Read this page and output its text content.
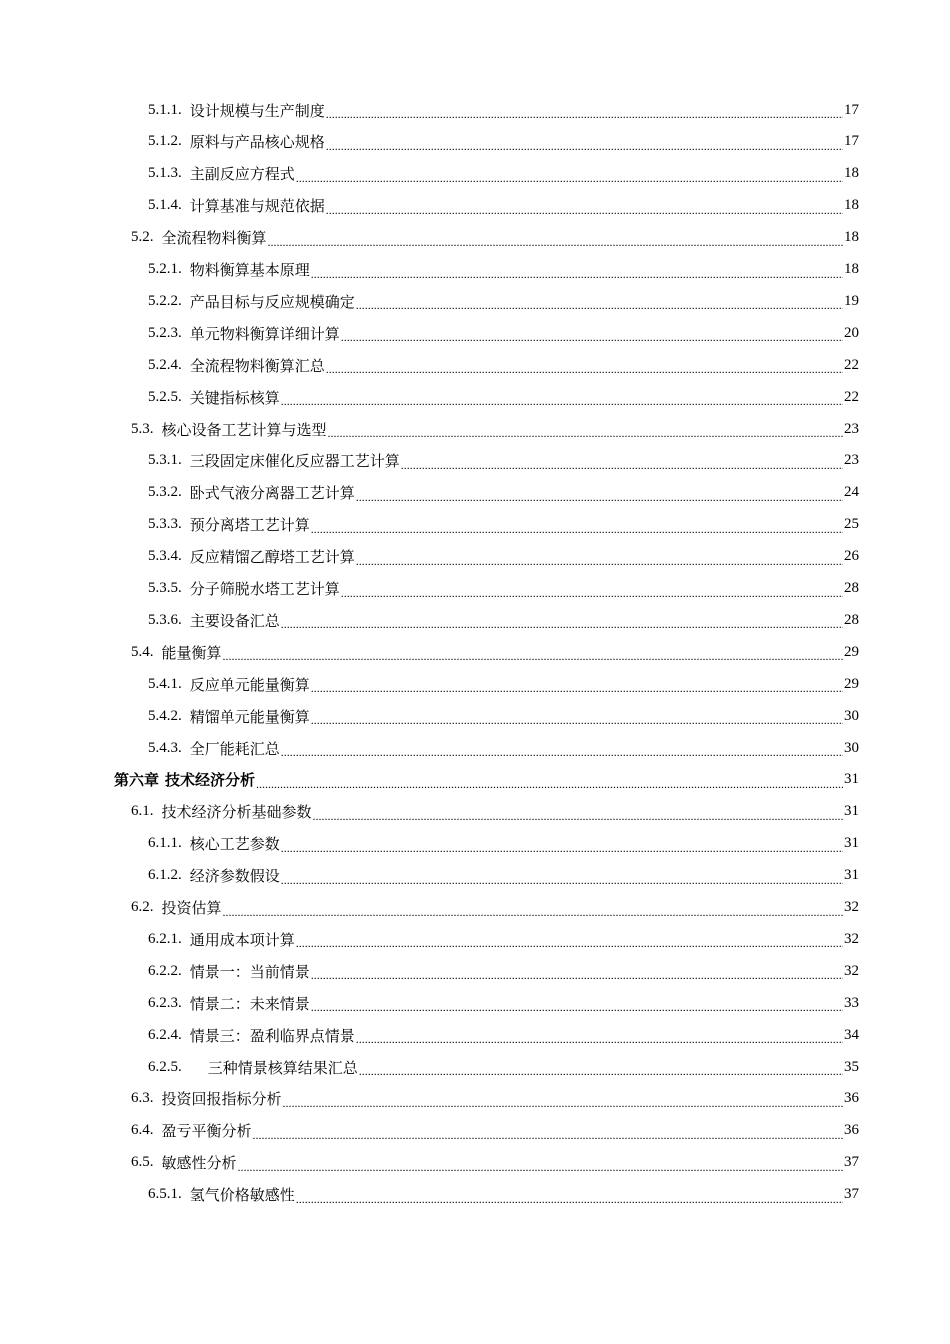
5.1.1. 设计规模与生产制度 .....	17
5.1.2. 原料与产品核心规格 .....	17
5.1.3. 主副反应方程式 .....	18
5.1.4. 计算基准与规范依据 .....	18
5.2. 全流程物料衡算 .....	18
5.2.1. 物料衡算基本原理 .....	18
5.2.2. 产品目标与反应规模确定 .....	19
5.2.3. 单元物料衡算详细计算 .....	20
5.2.4. 全流程物料衡算汇总 .....	22
5.2.5. 关键指标核算 .....	22
5.3. 核心设备工艺计算与选型 .....	23
5.3.1. 三段固定床催化反应器工艺计算 .....	23
5.3.2. 卧式气液分离器工艺计算 .....	24
5.3.3. 预分离塔工艺计算 .....	25
5.3.4. 反应精馏乙醇塔工艺计算 .....	26
5.3.5. 分子筛脱水塔工艺计算 .....	28
5.3.6. 主要设备汇总 .....	28
5.4. 能量衡算 .....	29
5.4.1. 反应单元能量衡算 .....	29
5.4.2. 精馏单元能量衡算 .....	30
5.4.3. 全厂能耗汇总 .....	30
第六章 技术经济分析 .....	31
6.1. 技术经济分析基础参数 .....	31
6.1.1. 核心工艺参数 .....	31
6.1.2. 经济参数假设 .....	31
6.2. 投资估算 .....	32
6.2.1. 通用成本项计算 .....	32
6.2.2. 情景一：当前情景 .....	32
6.2.3. 情景二：未来情景 .....	33
6.2.4. 情景三：盈利临界点情景 .....	34
6.2.5. 三种情景核算结果汇总 .....	35
6.3. 投资回报指标分析 .....	36
6.4. 盈亏平衡分析 .....	36
6.5. 敏感性分析 .....	37
6.5.1. 氢气价格敏感性 .....	37
